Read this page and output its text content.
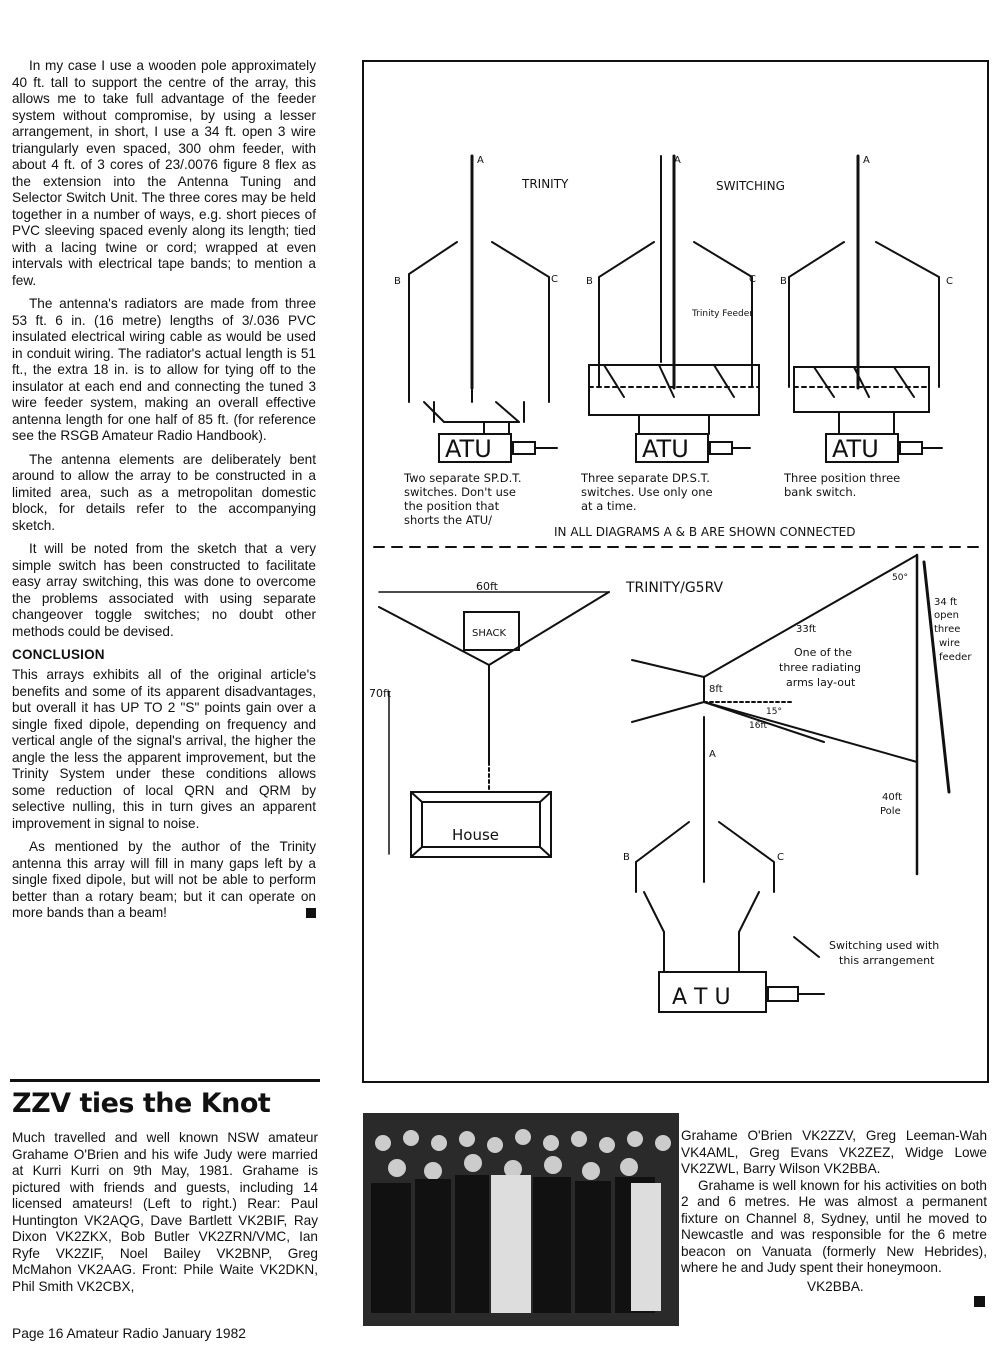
In my case I use a wooden pole approximately 40 ft. tall to support the centre of the array, this allows me to take full advantage of the feeder system without compromise, by using a lesser arrangement, in short, I use a 34 ft. open 3 wire triangularly even spaced, 300 ohm feeder, with about 4 ft. of 3 cores of 23/.0076 figure 8 flex as the extension into the Antenna Tuning and Selector Switch Unit. The three cores may be held together in a number of ways, e.g. short pieces of PVC sleeving spaced evenly along its length; tied with a lacing twine or cord; wrapped at even intervals with electrical tape bands; to mention a few.

The antenna's radiators are made from three 53 ft. 6 in. (16 metre) lengths of 3/.036 PVC insulated electrical wiring cable as would be used in conduit wiring. The radiator's actual length is 51 ft., the extra 18 in. is to allow for tying off to the insulator at each end and connecting the tuned 3 wire feeder system, making an overall effective antenna length for one half of 85 ft. (for reference see the RSGB Amateur Radio Handbook).

The antenna elements are deliberately bent around to allow the array to be constructed in a limited area, such as a metropolitan domestic block, for details refer to the accompanying sketch.

It will be noted from the sketch that a very simple switch has been constructed to facilitate easy array switching, this was done to overcome the problems associated with using separate changeover toggle switches; no doubt other methods could be devised.

CONCLUSION

This arrays exhibits all of the original article's benefits and some of its apparent disadvantages, but overall it has UP TO 2 "S" points gain over a single fixed dipole, depending on frequency and vertical angle of the signal's arrival, the higher the angle the less the apparent improvement, but the Trinity System under these conditions allows some reduction of local QRN and QRM by selective nulling, this in turn gives an apparent improvement in signal to noise.

As mentioned by the author of the Trinity antenna this array will fill in many gaps left by a single fixed dipole, but will not be able to perform better than a rotary beam; but it can operate on more bands than a beam!

ZZV ties the Knot

Much travelled and well known NSW amateur Grahame O'Brien and his wife Judy were married at Kurri Kurri on 9th May, 1981. Grahame is pictured with friends and guests, including 14 licensed amateurs! (Left to right.) Rear: Paul Huntington VK2AQG, Dave Bartlett VK2BIF, Ray Dixon VK2ZKX, Bob Butler VK2ZRN/VMC, Ian Ryfe VK2ZIF, Noel Bailey VK2BNP, Greg McMahon VK2AAG. Front: Phile Waite VK2DKN, Phil Smith VK2CBX,

TRINITY	SWITCHING
A
B	C
A
B	C
A
B	C
Trinity Feeder
ATU	ATU	ATU
Two separate SP.D.T.
switches. Don't use
the position that
shorts the ATU/
Three separate DP.S.T.
switches. Use only one
at a time.
Three position three
bank switch.
IN ALL DIAGRAMS A & B ARE SHOWN CONNECTED
60ft
70ft
SHACK
House
TRINITY/G5RV
33ft
8ft
16ft
15°
50°
One of the
three radiating
arms lay-out
34 ft
open
three
wire
feeder
40ft
Pole
A
B	C
Switching used with
this arrangement
A T U

Grahame O'Brien VK2ZZV, Greg Leeman-Wah VK4AML, Greg Evans VK2ZEZ, Widge Lowe VK2ZWL, Barry Wilson VK2BBA.

Grahame is well known for his activities on both 2 and 6 metres. He was almost a permanent fixture on Channel 8, Sydney, until he moved to Newcastle and was responsible for the 6 metre beacon on Vanuata (formerly New Hebrides), where he and Judy spent their honeymoon.

VK2BBA.
Page 16 Amateur Radio January 1982
